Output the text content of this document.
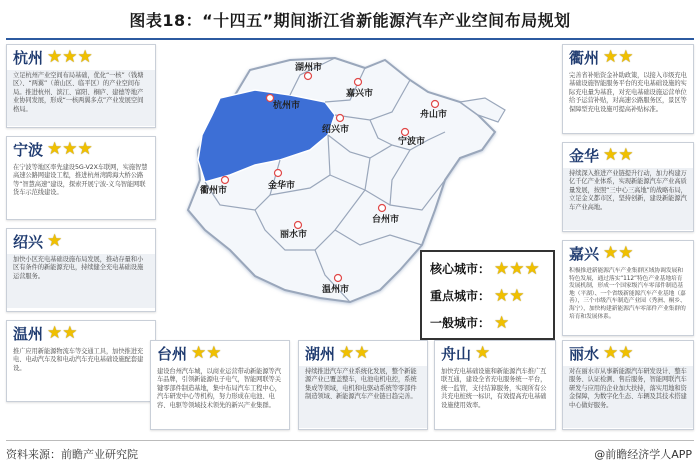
图表18：“十四五”期间浙江省新能源汽车产业空间布局规划
湖州市
嘉兴市
杭州市
绍兴市
舟山市
宁波市
衢州市	金华市
丽水市
台州市
温州市
杭州 ★★★
立足杭州产业空间布局基础，优化“一核”（钱塘区）、“两翼”（萧山区、临平区）的产业空间布局。推进杭州、滨江、富阳、桐庐、建德等地产业协同发展，形成“一核两翼多点”产业发展空间格局。
宁波 ★★★
在宁波等地区率先建设5G-V2X车联网，实施智慧高速公路网建设工程，推进杭州湾跨海大桥公路等“智慧高速”建设，探索开展宁波-义乌智能网联货车示范线建设。
绍兴 ★
加快小区充电基础设施布局发展，推动存量和小区有条件的新能源充电，持续健全充电基础设施运营服务。
温州 ★★
推广应用新能源物流车等交通工具，加快推进充电、电动汽车及和电动汽车充电基础设施配套建设。
台州 ★★
建设台州汽车城，以商业运营带动新能源等汽车品牌，引领新能源电子电气，智能网联等关键零部件制造基地，集中布局汽车工程中心，汽车研发中心等机构，努力形成在电池、电容、电驱等领域技术领先的新兴产业集群。
湖州 ★★
持续推进汽车产业系统化发展，整个新能源产业已覆盖整车，电池电机电控，系统集成等领域，电机和电驱动系统等零部件制造领域、新能源汽车产业链日趋完善。
舟山 ★
加快充电基础设施和新能源汽车推广互联互通，建设全省充电服务统一平台，统一监管，支付结算服务，实现所有公共充电桩统一标识，有效提高充电基础设施使用效率。
衢州 ★★
完善省补贴资金补助政策，以接入市级充电基础设施智能服务平台的充电基础设施的实际充电量为基准，对充电基础设施运营单位给予运营补贴，对高速公路服务区，景区等保障型充电设施可提高补贴标准。
金华 ★★
持续深入推进产业链提升行动，加力构建万亿千亿产业体系，实现新能源汽车产业高质量发展，按照“三中心三高地”的战略布局，立足金义都市区，坚持创新，建设新能源汽车产业高地。
嘉兴 ★★
积极推进新能源汽车产业集群区域协调发展和特色发展，通过落实“112”特色产业基地培育发展机制，形成一个国家级汽车零部件制造基地（平湖）、一个省级新能源汽车产业基地（嘉善），三个市级汽车制造产业园（秀洲、桐乡、海宁），加快构建新能源汽车零部件产业集群的培育和发展体系。
丽水 ★★
对在丽水市从事新能源汽车研发设计、整车服务、认证检测、售后服务，智能网联汽车研发与应用的企业加大扶持，落实用地和资金保障，为数字化生态、车辆及其技术搭建中心做好服务。
核心城市： ★★★
重点城市： ★★
一般城市： ★
资料来源：前瞻产业研究院	@前瞻经济学人APP
